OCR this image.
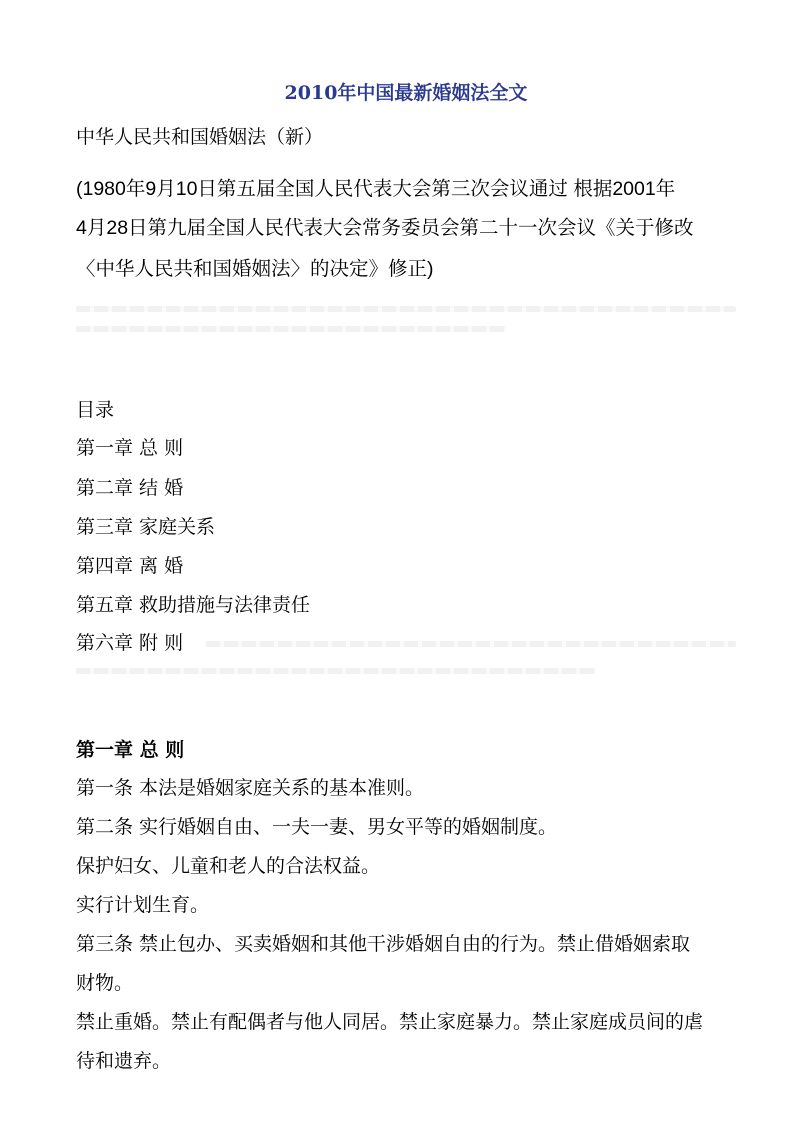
2010年中国最新婚姻法全文

中华人民共和国婚姻法（新）

(1980年9月10日第五届全国人民代表大会第三次会议通过 根据2001年

4月28日第九届全国人民代表大会常务委员会第二十一次会议《关于修改

〈中华人民共和国婚姻法〉的决定》修正)

目录

第一章 总 则

第二章 结 婚

第三章 家庭关系

第四章 离 婚

第五章 救助措施与法律责任

第六章 附 则

第一章 总 则

第一条 本法是婚姻家庭关系的基本准则。

第二条 实行婚姻自由、一夫一妻、男女平等的婚姻制度。

保护妇女、儿童和老人的合法权益。

实行计划生育。

第三条 禁止包办、买卖婚姻和其他干涉婚姻自由的行为。禁止借婚姻索取

财物。

禁止重婚。禁止有配偶者与他人同居。禁止家庭暴力。禁止家庭成员间的虐

待和遗弃。
